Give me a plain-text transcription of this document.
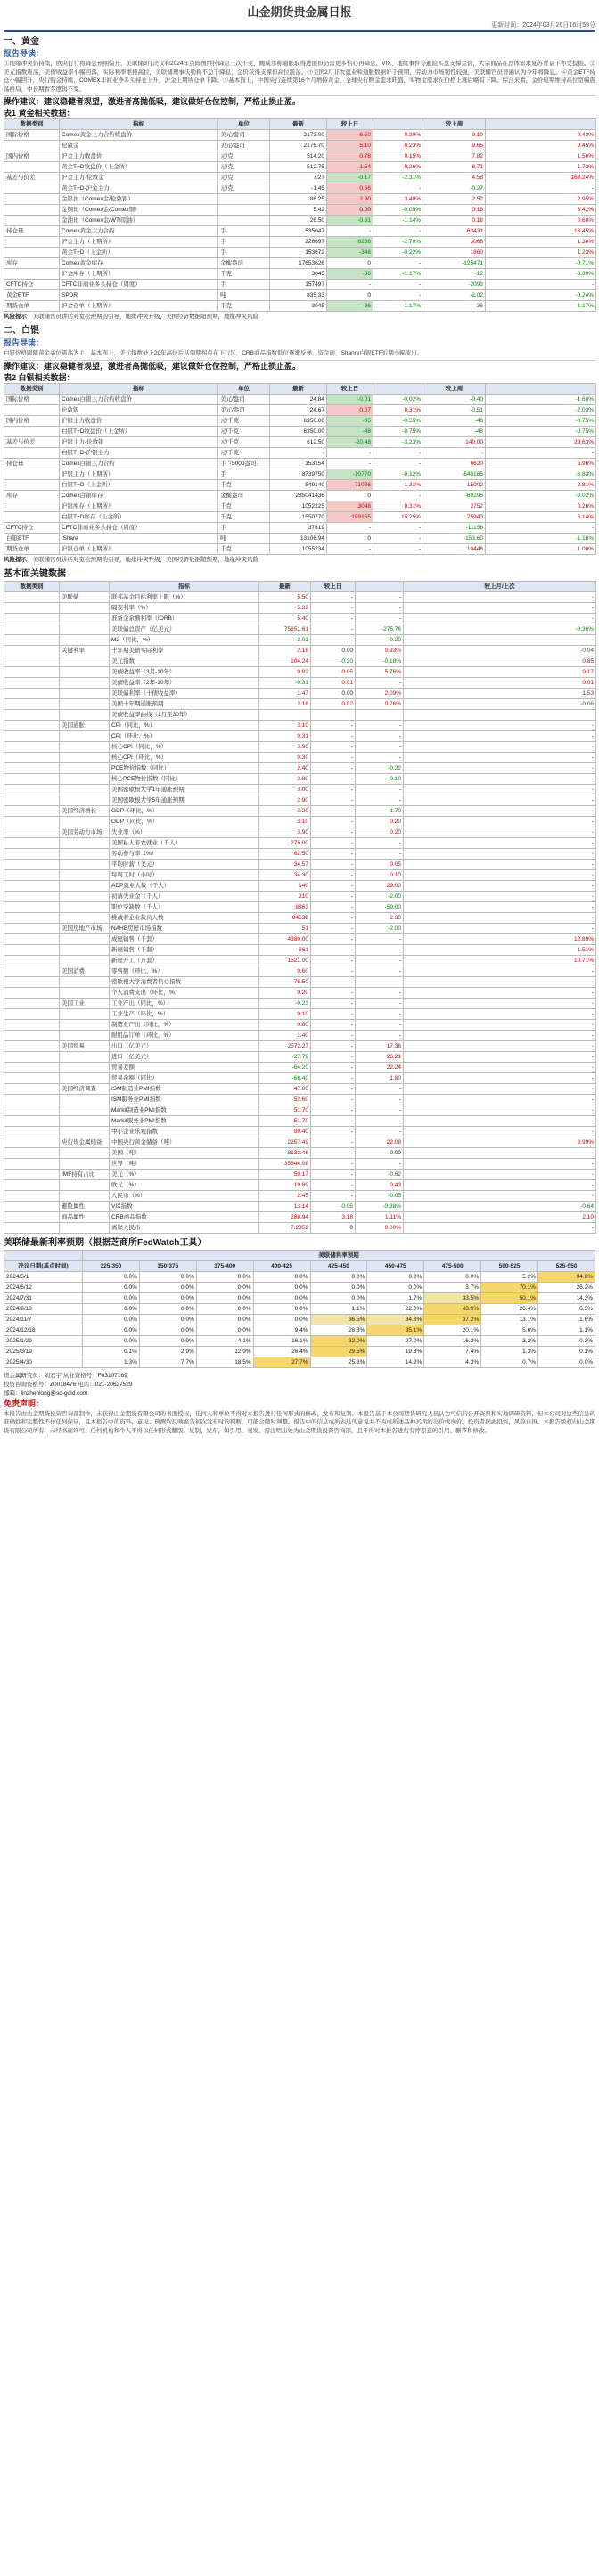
山金期货贵金属日报
更新时间：2024年03月26日16时59分
一、黄金
报告导读：
①地缘冲突仍持续，欧央行行将降息预期偏升，美联储3月决议和2024年点阵图维持降息三次不变，鲍威尔称通胀取得进展但仍需更多信心再降息，VIX、地缘事件等避险买盘支撑金价，大宗商品在总体需求复苏背景下亦受提振。②美元指数震荡，美债收益率小幅回落，实际利率维持高位，美联储理事沃勒称不急于降息，金价获得支撑但高位震荡。③美国2月非农就业和通胀数据好于预期，劳动力市场韧性较强，美联储官员普遍认为今年将降息。④黄金ETF持仓小幅回升，央行购金持续，COMEX非商业净多头持仓上升，沪金上期所仓单下降。⑤基本面上，中国央行连续第16个月增持黄金，全球央行购金需求旺盛，实物金需求在价格上涨后略有下降。综合来看，金价短期维持高位宽幅震荡格局，中长期看多逻辑不变。
操作建议：建议稳健者观望，激进者高抛低吸，建议做好仓位控制，严格止损止盈。
表1 黄金相关数据：
数据类别	指标	单位	最新	较上日		较上周	
国际价格	Comex黄金主力合约收盘价	美元/盎司	2173.00	6.50	0.30%	9.10	0.42%
	伦敦金	美元/盎司	2176.70	5.10	0.23%	9.65	0.45%
国内价格	沪金主力收盘价	元/克	514.20	0.78	0.15%	7.82	1.56%
	黄金T+D收盘价（上金所）	元/克	512.75	1.54	0.26%	8.71	1.73%
基差与价差	沪金主力-伦敦金	元/克	7.27	-0.17	-2.31%	4.58	168.24%
	黄金T+D-沪金主力	元/克	-1.45	0.56	-	-0.27	-
	金银比（Comex金/伦敦银）		88.25	2.90	3.40%	2.52	2.95%
	金铜比（Comex金/Comex铜）		5.42	0.00	-0.05%	0.18	3.42%
	金油比（Comex金/WTI原油）		26.50	-0.31	-1.14%	0.18	0.68%
持仓量	Comex黄金主力合约	手	535047	-	-	63431	13.45%
	沪金主力（上期所）	手	226697	-6286	-2.70%	3068	1.38%
	黄金T+D（上金所）	手	153672	-346	-0.22%	1860	1.23%
库存	Comex黄金库存	金衡盎司	17653626	0	-	-125471	-0.71%
	沪金库存（上期所）	千克	3045	-36	-1.17%	-12	-0.39%
CFTC持仓	CFTC非商业多头持仓（周度）	手	157497	-	-	-2093	-
黄金ETF	SPDR	吨	835.33	0	-	-2.02	-0.24%
期货仓单	沪金仓单（上期所）	千克	3045	-36	-1.17%	-36	-1.17%
风险提示　 美联储官员讲话对宽松预期的引导，地缘冲突升级，美国经济数据超预期，地缘冲突风险
二、白银
报告导读：
白银价格跟随黄金高位震荡为主，基本面上，美元指数处上20年高位后从周期拐点在下行区，CRB商品指数低位逐渐反弹，资金面，Shanre白银ETF近期小幅流出。
操作建议：建议稳健者观望，激进者高抛低吸，建议做好仓位控制，严格止损止盈。
表2 白银相关数据：
数据类别	指标	单位	最新	较上日		较上周	
国际价格	Comex白银主力合约收盘价	美元/盎司	24.84	-0.01	-0.02%	-0.40	-1.60%
	伦敦银	美元/盎司	24.67	0.07	0.31%	-0.51	-2.03%
国内价格	沪银主力收盘价	元/千克	6350.00	-35	-0.55%	-48	-0.75%
	白银T+D收盘价（上金所）	元/千克	6350.00	-48	-0.75%	-48	-0.75%
基差与价差	沪银主力-伦敦银	元/千克	612.50	-20.48	-3.23%	140.00	29.63%
	白银T+D-沪银主力	元/千克	-	-	-	-	-
持仓量	Comex白银主力合约	手（5000盎司）	153154	-	-	6620	5.96%
	沪银主力（上期所）	手	8739750	-10770	-0.12%	-640185	-6.83%
	白银T+D（上金所）	千克	549140	71036	1.31%	15002	2.81%
库存	Comex白银库存	金衡盎司	285041436	0	-	-69296	-0.02%
	沪银库存（上期所）	千克	1052225	3048	0.31%	2752	0.26%
	白银T+D库存（上金所）	千克	1550770	199155	15.25%	75940	5.14%
CFTC持仓	CFTC非商业多头持仓（周度）	手	37619	-	-	-11156	-
白银ETF	iShare	吨	13106.94	0	-	-153.60	-1.16%
期货仓单	沪银仓单（上期所）	千克	1055234	-	-	10448	1.00%
风险提示　 美联储官员讲话对宽松预期的引导，地缘冲突升级，美国经济数据超预期，地缘冲突风险
基本面关键数据
数据类别		指标	最新	较上日		较上月/上次	
	美联储	联邦基金目标利率上限（%）	5.50	-	-	-	
		隔夜利率（%）	5.33	-	-	-	
		准备金余额利率（IORB）	5.40	-	-	-	
		美联储总资产（亿美元）	75651.61	-	-275.76	-0.36%	
		M2（同比，%）	-2.01	-	-0.20	-	
	关键利率	十年期美债实际利率	2.18	0.00	0.93%	-0.04	
		美元指数	104.24	-0.20	-0.18%	0.85	
		美债收益率（3月-10年）	0.92	0.05	5.76%	0.17	
		美债收益率（2年-10年）	-0.31	0.01	-	0.01	
		美联储利率（十债收益率）	1.47	0.00	2.09%	1.53	
		美国十年期通胀预期	2.18	0.02	0.76%	-0.06	
		美债收益率曲线（1月至30年）					
	美国通胀	CPI（同比，%）	3.10	-	-	-	
		CPI（环比，%）	0.31	-	-	-	
		核心CPI（同比，%）	3.90	-	-	-	
		核心CPI（环比，%）	0.30	-	-	-	
		PCE物价指数（同比）	2.40	-	-0.22	-	
		核心PCE物价指数（同比）	2.80	-	-0.10	-	
		美国密歇根大学1年通胀预期	3.00	-	-	-	
		美国密歇根大学5年通胀预期	2.90	-	-	-	
	美国经济增长	GDP（环比，%）	3.20	-	-1.70	-	
		GDP（同比，%）	3.10	-	0.20	-	
	美国劳动力市场	失业率（%）	3.90	-	0.20	-	
		美国私人非农就业（千人）	275.00	-	-	-	
		劳动参与率（%）	62.50	-	-	-	
		平均时薪（美元）	34.57	-	0.05	-	
		每周工时（小时）	34.30	-	0.10	-	
		ADP就业人数（千人）	140	-	29.00	-	
		初请失业金（千人）	210	-	-2.00	-	
		职位空缺数（千人）	8863	-	-59.00	-	
		挑战者企业裁员人数	84638	-	2.30	-	
	美国房地产市场	NAHB房屋市场指数	51	-	-2.00	-	
		成屋销售（千套）	4380.00	-	-	12.89%	
		新屋销售（千套）	661	-	-	1.51%	
		新屋开工（万套）	1521.00	-	-	10.71%	
	美国消费	零售额（环比，%）	0.60	-	-	-	
		密歇根大学消费者信心指数	76.50	-	-	-	
		个人消费支出（环比，%）	0.20	-	-	-	
	美国工业	工业产出（同比，%）	-0.23	-	-	-	
		工业生产（环比，%）	0.10	-	-	-	
		制造业产出（同比，%）	0.80	-	-	-	
		耐用品订单（环比，%）	1.40	-	-	-	
	美国贸易	出口（亿美元）	2572.27	-	17.36	-	
		进口（亿美元）	-27.79	-	26.21	-	
		贸易差额	-64.20	-	22.24	-	
		贸易余额（同比）	-68.40	-	1.80	-	
	美国经济调查	ISM制造业PMI指数	47.80	-	-	-	
		ISM服务业PMI指数	52.60	-	-	-	
		Markit制造业PMI指数	51.70	-	-	-	
		Markit服务业PMI指数	51.70	-	-	-	
		中小企业乐观指数	89.40	-	-	-	
	央行贵金属储备	中国央行黄金储备（吨）	2257.49	-	22.08	0.99%	
		美国（吨）	8133.46	-	0.00	-	
		世界（吨）	35844.08	-	-	-	
	IMF持有占比	美元（%）	59.17	-	-0.62	-	
		欧元（%）	19.89	-	0.43	-	
		人民币（%）	2.45	-	-0.05	-	
	避险属性	VIX指数	13.14	-0.05	-0.38%	-0.64	
	商品属性	CRB商品指数	288.94	3.18	1.11%	2.10	
		离岸人民币	7.2352	0	0.00%	-	
美联储最新利率预期（根据芝商所FedWatch工具）
	美联储利率预期								
决议日期(基点时间)	325-350	350-375	375-400	400-425	425-450	450-475	475-500	500-525	525-550
2024/5/1	0.0%	0.0%	0.0%	0.0%	0.0%	0.0%	0.0%	5.2%	94.8%
2024/6/12	0.0%	0.0%	0.0%	0.0%	0.0%	0.0%	3.7%	70.1%	26.2%
2024/7/31	0.0%	0.0%	0.0%	0.0%	0.0%	1.7%	33.5%	50.1%	14.3%
2024/9/18	0.0%	0.0%	0.0%	0.0%	1.1%	22.0%	43.9%	26.4%	6.3%
2024/11/7	0.0%	0.0%	0.0%	0.0%	36.5%	34.3%	37.2%	13.1%	1.6%
2024/12/18	0.0%	0.0%	0.0%	9.4%	28.8%	35.1%	20.1%	5.6%	1.1%
2025/1/29	0.0%	0.9%	4.1%	16.1%	32.0%	27.0%	16.3%	3.3%	0.3%
2025/3/19	0.1%	2.9%	12.9%	26.4%	29.5%	19.3%	7.4%	1.3%	0.1%
2025/4/30	1.3%	7.7%	18.5%	27.7%	25.3%	14.2%	4.3%	0.7%	0.0%
贵金属研究员：刘宏宇 从业资格号：F03107169
投资咨询资格号：Z0018476 电话：021-20627529
邮箱：linzhenlong@sd-gold.com
免责声明：
本报告由山金期货投资咨询部制作，未获得山金期货有限公司的书面授权，任何人和单位不得对本报告进行任何形式的修改、发布和复制。本报告基于本公司期货研究人员认为可信的公开资料和实地调研资料，但本公司对这些信息的准确性和完整性不作任何保证，且本报告中的资料、意见、预测均反映报告初次发布时的判断，可能会随时调整。报告中的信息或所表达的意见并不构成所述品种买卖的出价或询价，投资者据此投资，风险自担。本报告版权归山金期货有限公司所有，未经书面许可，任何机构和个人不得以任何形式翻版、复制、发布，如引用、刊发，需注明出处为山金期货投资咨询部，且不得对本报告进行有悖原意的引用、删节和修改。
